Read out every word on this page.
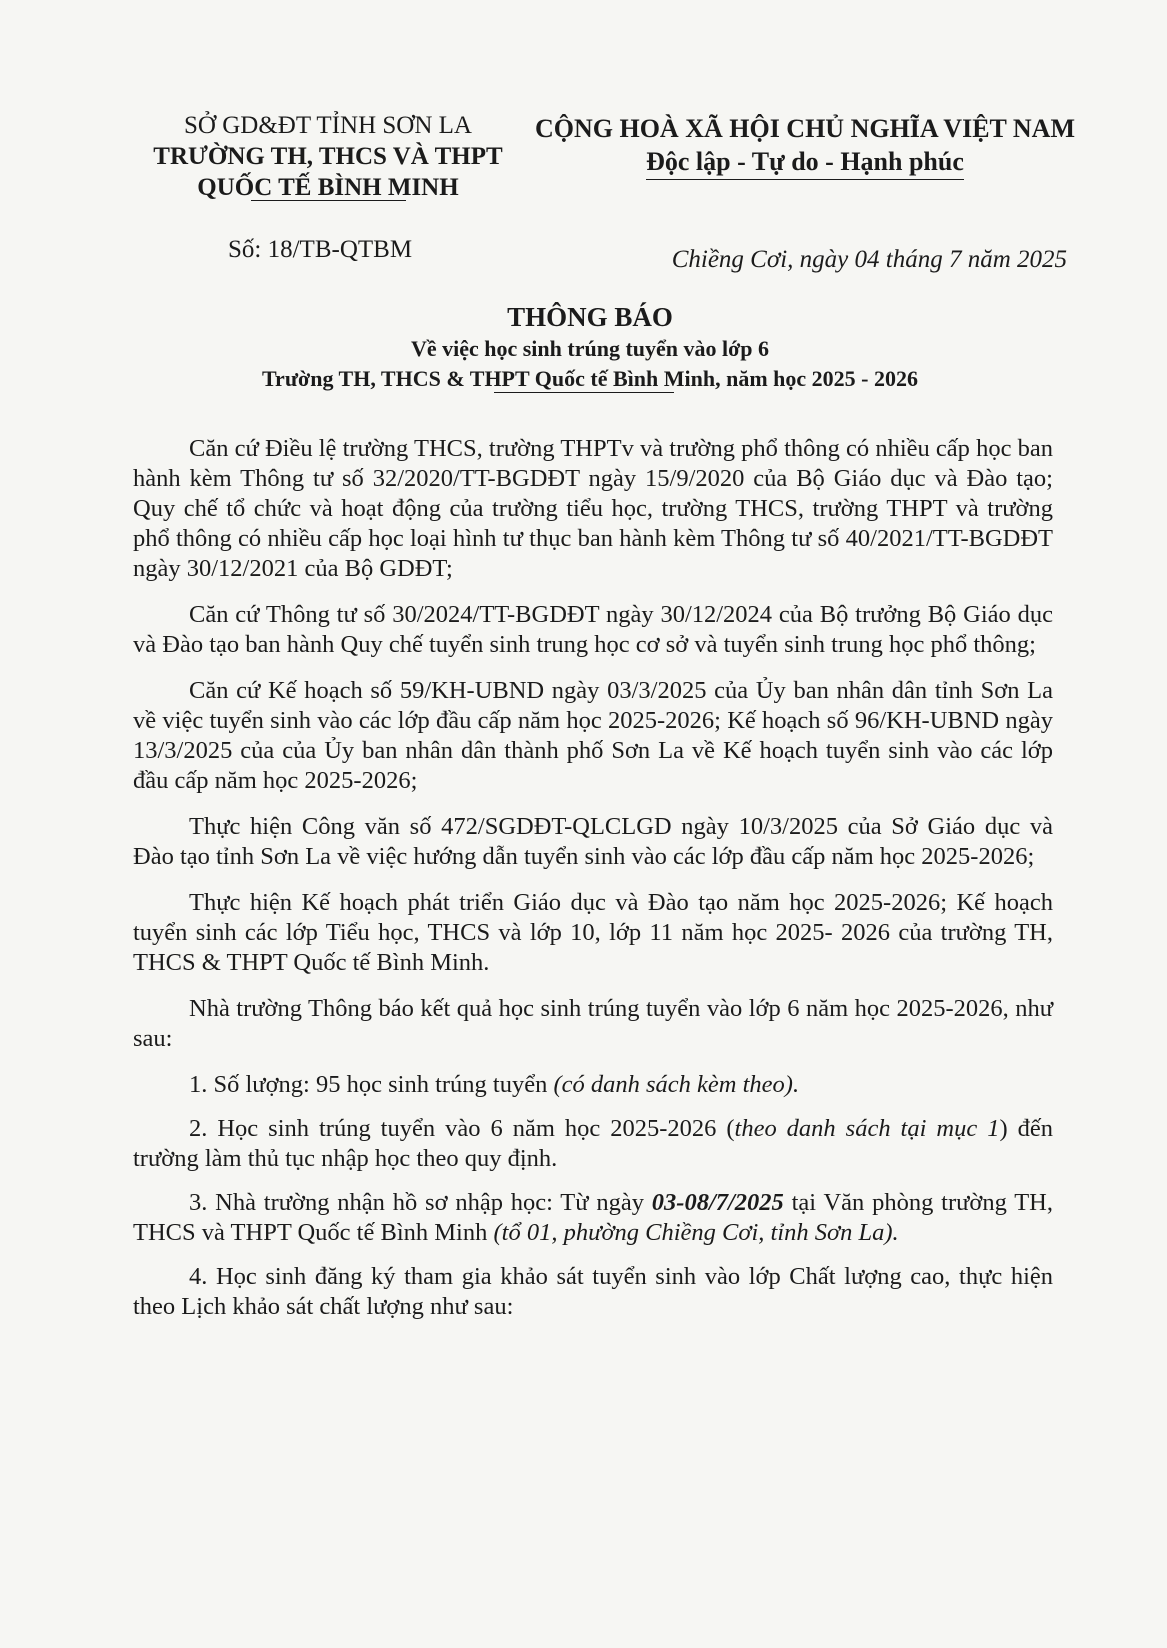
SỞ GD&ĐT TỈNH SƠN LA
TRƯỜNG TH, THCS VÀ THPT
QUỐC TẾ BÌNH MINH
CỘNG HOÀ XÃ HỘI CHỦ NGHĨA VIỆT NAM
Độc lập - Tự do - Hạnh phúc
Số: 18/TB-QTBM	Chiềng Cơi, ngày 04 tháng 7 năm 2025
THÔNG BÁO
Về việc học sinh trúng tuyển vào lớp 6
Trường TH, THCS & THPT Quốc tế Bình Minh, năm học 2025 - 2026

Căn cứ Điều lệ trường THCS, trường THPTv và trường phổ thông có nhiều cấp học ban hành kèm Thông tư số 32/2020/TT-BGDĐT ngày 15/9/2020 của Bộ Giáo dục và Đào tạo; Quy chế tổ chức và hoạt động của trường tiểu học, trường THCS, trường THPT và trường phổ thông có nhiều cấp học loại hình tư thục ban hành kèm Thông tư số 40/2021/TT-BGDĐT ngày 30/12/2021 của Bộ GDĐT;

Căn cứ Thông tư số 30/2024/TT-BGDĐT ngày 30/12/2024 của Bộ trưởng Bộ Giáo dục và Đào tạo ban hành Quy chế tuyển sinh trung học cơ sở và tuyển sinh trung học phổ thông;

Căn cứ Kế hoạch số 59/KH-UBND ngày 03/3/2025 của Ủy ban nhân dân tỉnh Sơn La về việc tuyển sinh vào các lớp đầu cấp năm học 2025-2026; Kế hoạch số 96/KH-UBND ngày 13/3/2025 của của Ủy ban nhân dân thành phố Sơn La về Kế hoạch tuyển sinh vào các lớp đầu cấp năm học 2025-2026;

Thực hiện Công văn số 472/SGDĐT-QLCLGD ngày 10/3/2025 của Sở Giáo dục và Đào tạo tỉnh Sơn La về việc hướng dẫn tuyển sinh vào các lớp đầu cấp năm học 2025-2026;

Thực hiện Kế hoạch phát triển Giáo dục và Đào tạo năm học 2025-2026; Kế hoạch tuyển sinh các lớp Tiểu học, THCS và lớp 10, lớp 11 năm học 2025- 2026 của trường TH, THCS & THPT Quốc tế Bình Minh.

Nhà trường Thông báo kết quả học sinh trúng tuyển vào lớp 6 năm học 2025-2026, như sau:

1. Số lượng: 95 học sinh trúng tuyển (có danh sách kèm theo).

2. Học sinh trúng tuyển vào 6 năm học 2025-2026 (theo danh sách tại mục 1) đến trường làm thủ tục nhập học theo quy định.

3. Nhà trường nhận hồ sơ nhập học: Từ ngày 03-08/7/2025 tại Văn phòng trường TH, THCS và THPT Quốc tế Bình Minh (tổ 01, phường Chiềng Cơi, tỉnh Sơn La).

4. Học sinh đăng ký tham gia khảo sát tuyển sinh vào lớp Chất lượng cao, thực hiện theo Lịch khảo sát chất lượng như sau:
